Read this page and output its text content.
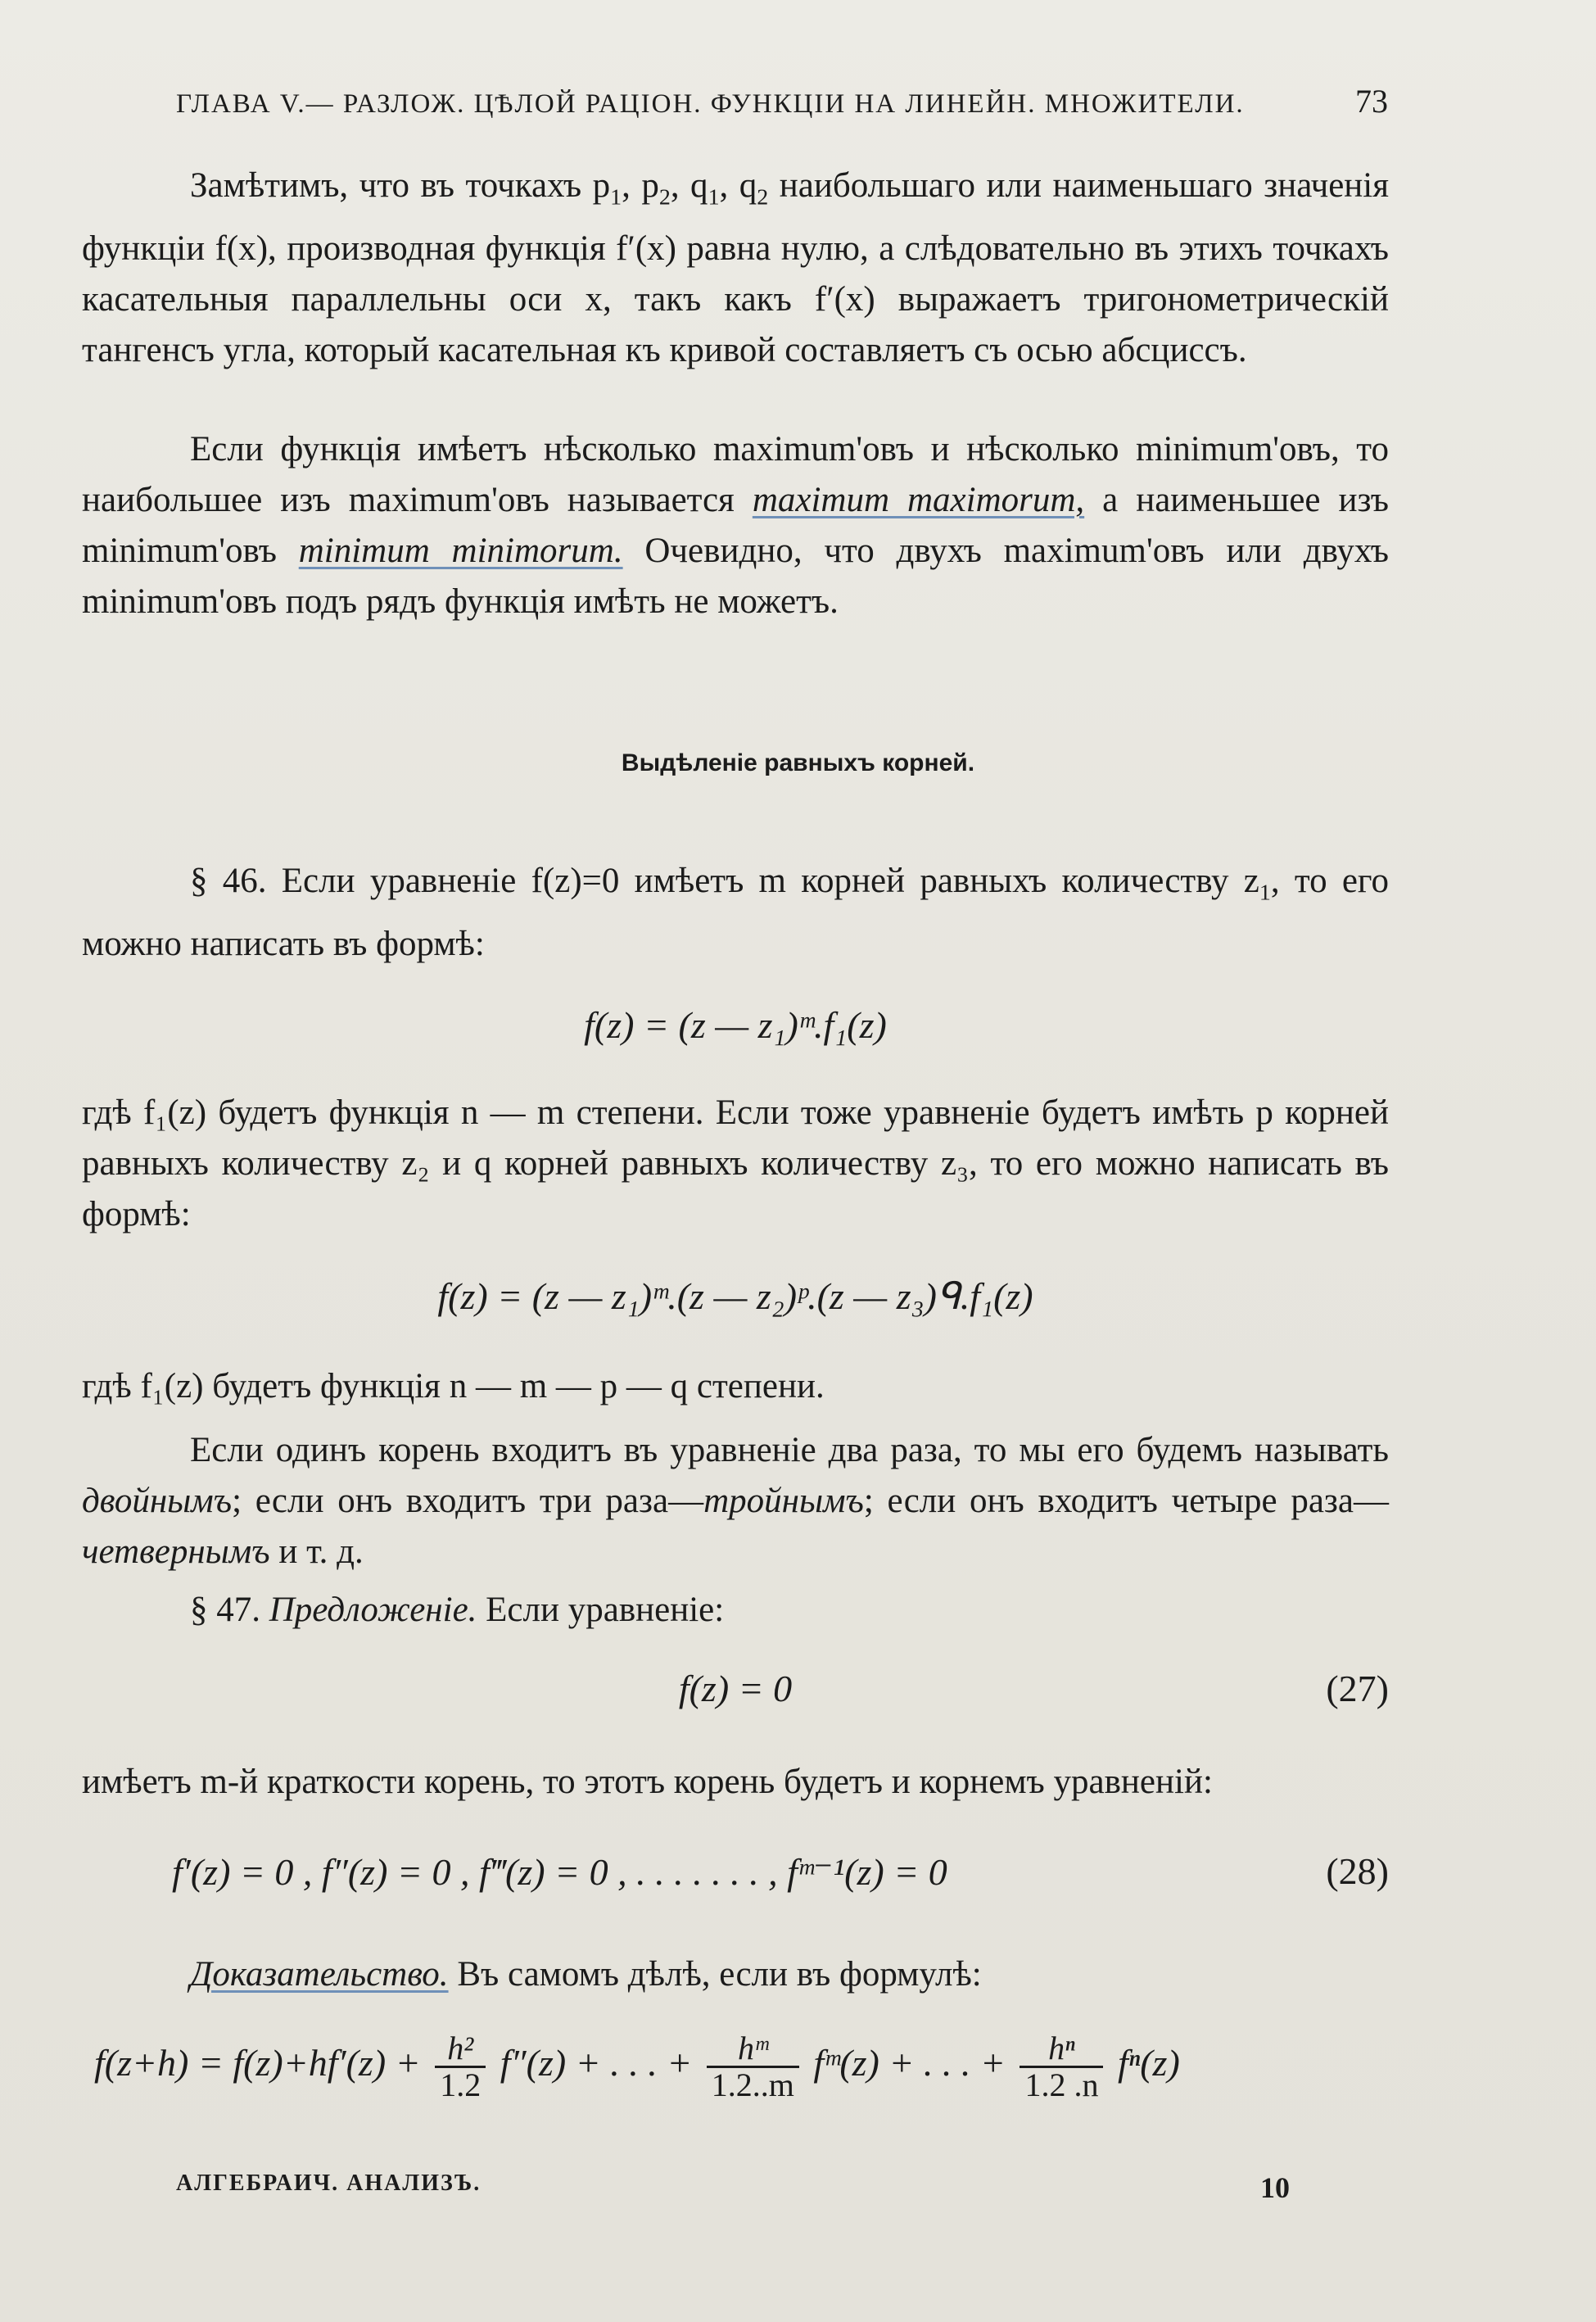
ГЛАВА V.— РАЗЛОЖ. ЦѢЛОЙ РАЦІОН. ФУНКЦІИ НА ЛИНЕЙН. МНОЖИТЕЛИ.	73

Замѣтимъ, что въ точкахъ $p_1$, $p_2$, $q_1$, $q_2$ наибольшаго или наименьшаго значенія функціи f(x), производная функція f′(x) равна нулю, а слѣдовательно въ этихъ точкахъ касательныя параллельны оси x, такъ какъ f′(x) выражаетъ тригонометрическій тангенсъ угла, который касательная къ кривой составляетъ съ осью абсциссъ.

Если функція имѣетъ нѣсколько maximum'овъ и нѣсколько minimum'овъ, то наибольшее изъ maximum'овъ называется maximum maximorum, а наименьшее изъ minimum'овъ minimum minimorum. Очевидно, что двухъ maximum'овъ или двухъ minimum'овъ подъ рядъ функція имѣть не можетъ.

Выдѣленіе равныхъ корней.

§ 46. Если уравненіе f(z)=0 имѣетъ m корней равныхъ количеству $z_1$, то его можно написать въ формѣ:

f(z) = (z — z₁)ᵐ.f₁(z)

гдѣ f₁(z) будетъ функція n — m степени. Если тоже уравненіе будетъ имѣть p корней равныхъ количеству z₂ и q корней равныхъ количеству z₃, то его можно написать въ формѣ:

f(z) = (z — z₁)ᵐ.(z — z₂)ᵖ.(z — z₃)ᑫ.f₁(z)

гдѣ f₁(z) будетъ функція n — m — p — q степени.

Если одинъ корень входитъ въ уравненіе два раза, то мы его будемъ называть двойнымъ; если онъ входитъ три раза—тройнымъ; если онъ входитъ четыре раза—четвернымъ и т. д.

§ 47. Предложеніе. Если уравненіе:

f(z) = 0	(27)

имѣетъ m-й краткости корень, то этотъ корень будетъ и корнемъ уравненій:

f′(z) = 0 , f″(z) = 0 , f‴(z) = 0 , . . . . . . . , fᵐ⁻¹(z) = 0	(28)

Доказательство. Въ самомъ дѣлѣ, если въ формулѣ:

$f(z+h) = f(z)+hf'(z) + \frac{\text{h²}}{1.2} f''(z)$ + . . . + $\frac{\text{hᵐ}}{1.2..m}$ fᵐ(z) + . . . + $\frac{\text{hⁿ}}{1.2 .n} f^n(z)$
АЛГЕБРАИЧ. АНАЛИЗЪ.	10
